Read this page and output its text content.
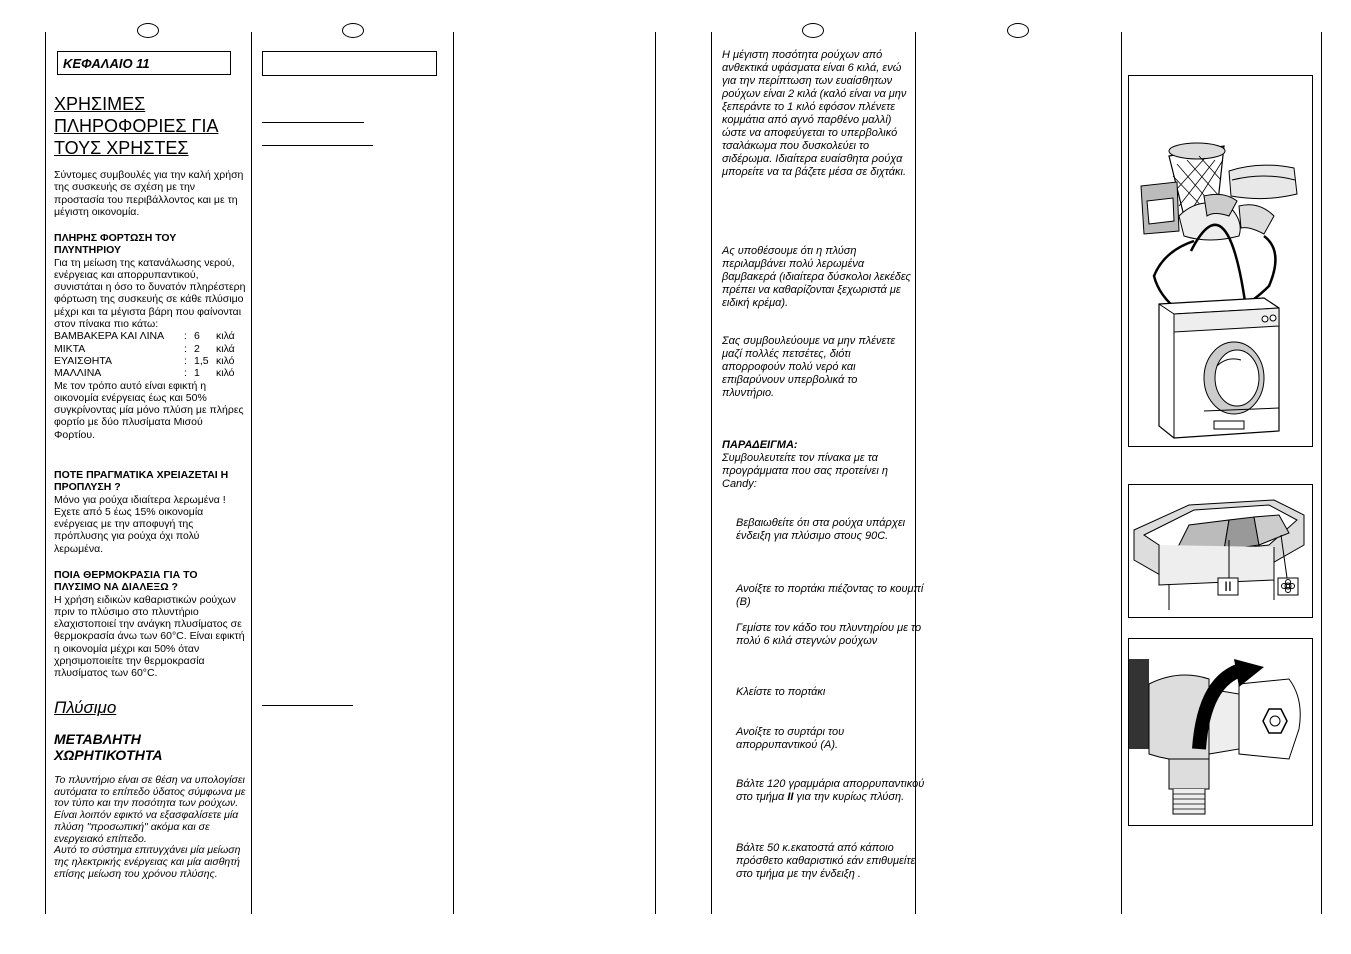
ΚΕΦΑΛΑΙΟ 11
ΧΡΗΣΙΜΕΣ
ΠΛΗΡΟΦΟΡΙΕΣ ΓΙΑ
ΤΟΥΣ ΧΡΗΣΤΕΣ
Σύντομες συμβουλές για την καλή χρήση της συσκευής σε σχέση με την προστασία του περιβάλλοντος και με τη μέγιστη οικονομία.
ΠΛΗΡΗΣ ΦΟΡΤΩΣΗ ΤΟΥ ΠΛΥΝΤΗΡΙΟΥ
Για τη μείωση της κατανάλωσης νερού, ενέργειας και απορρυπαντικού, συνιστάται η όσο το δυνατόν πληρέστερη φόρτωση της συσκευής σε κάθε πλύσιμο μέχρι και τα μέγιστα βάρη που φαίνονται στον πίνακα πιο κάτω:
ΒΑΜΒΑΚΕΡΑ ΚΑΙ ΛΙΝΑ	: 6	κιλά
ΜΙΚΤΑ	: 2	κιλά
ΕΥΑΙΣΘΗΤΑ	: 1,5 κιλό
ΜΑΛΛΙΝΑ	: 1	κιλό
Με τον τρόπο αυτό είναι εφικτή η οικονομία ενέργειας έως και 50% συγκρίνοντας μία μόνο πλύση με πλήρες φορτίο με δύο πλυσίματα Μισού Φορτίου.
ΠΟΤΕ ΠΡΑΓΜΑΤΙΚΑ ΧΡΕΙΑΖΕΤΑΙ Η ΠΡΟΠΛΥΣΗ ?
Μόνο για ρούχα ιδιαίτερα λερωμένα ! Εχετε από 5 έως 15% οικονομία ενέργειας με την αποφυγή της πρόπλυσης για ρούχα όχι πολύ λερωμένα.
ΠΟΙΑ ΘΕΡΜΟΚΡΑΣΙΑ ΓΙΑ ΤΟ ΠΛΥΣΙΜΟ ΝΑ ΔΙΑΛΕΞΩ ?
Η χρήση ειδικών καθαριστικών ρούχων πριν το πλύσιμο στο πλυντήριο ελαχιστοποιεί την ανάγκη πλυσίματος σε θερμοκρασία άνω των 60°C. Είναι εφικτή η οικονομία μέχρι και 50% όταν χρησιμοποιείτε την θερμοκρασία πλυσίματος των 60°C.
Πλύσιμο
ΜΕΤΑΒΛΗΤΗ
ΧΩΡΗΤΙΚΟΤΗΤΑ
Το πλυντήριο είναι σε θέση να υπολογίσει αυτόματα το επίπεδο ύδατος σύμφωνα με τον τύπο και την ποσότητα των ρούχων.
Είναι λοιπόν εφικτό να εξασφαλίσετε μία πλύση "προσωπική" ακόμα και σε ενεργειακό επίπεδο.
Αυτό το σύστημα επιτυγχάνει μία μείωση της ηλεκτρικής ενέργειας και μία αισθητή επίσης μείωση του χρόνου πλύσης.
Η μέγιστη ποσότητα ρούχων από ανθεκτικά υφάσματα είναι 6 κιλά, ενώ για την περίπτωση των ευαίσθητων ρούχων είναι 2 κιλά (καλό είναι να μην ξεπεράντε το 1 κιλό εφόσον πλένετε κομμάτια από αγνό παρθένο μαλλί) ώστε να αποφεύγεται το υπερβολικό τσαλάκωμα που δυσκολεύει το σιδέρωμα. Ιδιαίτερα ευαίσθητα ρούχα μπορείτε να τα βάζετε μέσα σε διχτάκι.
Ας υποθέσουμε ότι η πλύση περιλαμβάνει πολύ λερωμένα βαμβακερά (ιδιαίτερα δύσκολοι λεκέδες πρέπει να καθαρίζονται ξεχωριστά με ειδική κρέμα).
Σας συμβουλεύουμε να μην πλένετε μαζί πολλές πετσέτες, διότι απορροφούν πολύ νερό και επιβαρύνουν υπερβολικά το πλυντήριο.
ΠΑΡΑΔΕΙΓΜΑ:
Συμβουλευτείτε τον πίνακα με τα προγράμματα που σας προτείνει η Candy:
Βεβαιωθείτε ότι στα ρούχα υπάρχει ένδειξη για πλύσιμο στους 90C.
Ανοίξτε το πορτάκι πιέζοντας το κουμπί (B)
Γεμίστε τον κάδο του πλυντηρίου με το πολύ 6 κιλά στεγνών ρούχων
Κλείστε το πορτάκι
Ανοίξτε το συρτάρι του απορρυπαντικού (A).
Βάλτε 120 γραμμάρια απορρυπαντικού στο τμήμα II για την κυρίως πλύση.
Βάλτε 50 κ.εκατοστά από κάποιο πρόσθετο καθαριστικό εάν επιθυμείτε στο τμήμα με την ένδειξη .
II
